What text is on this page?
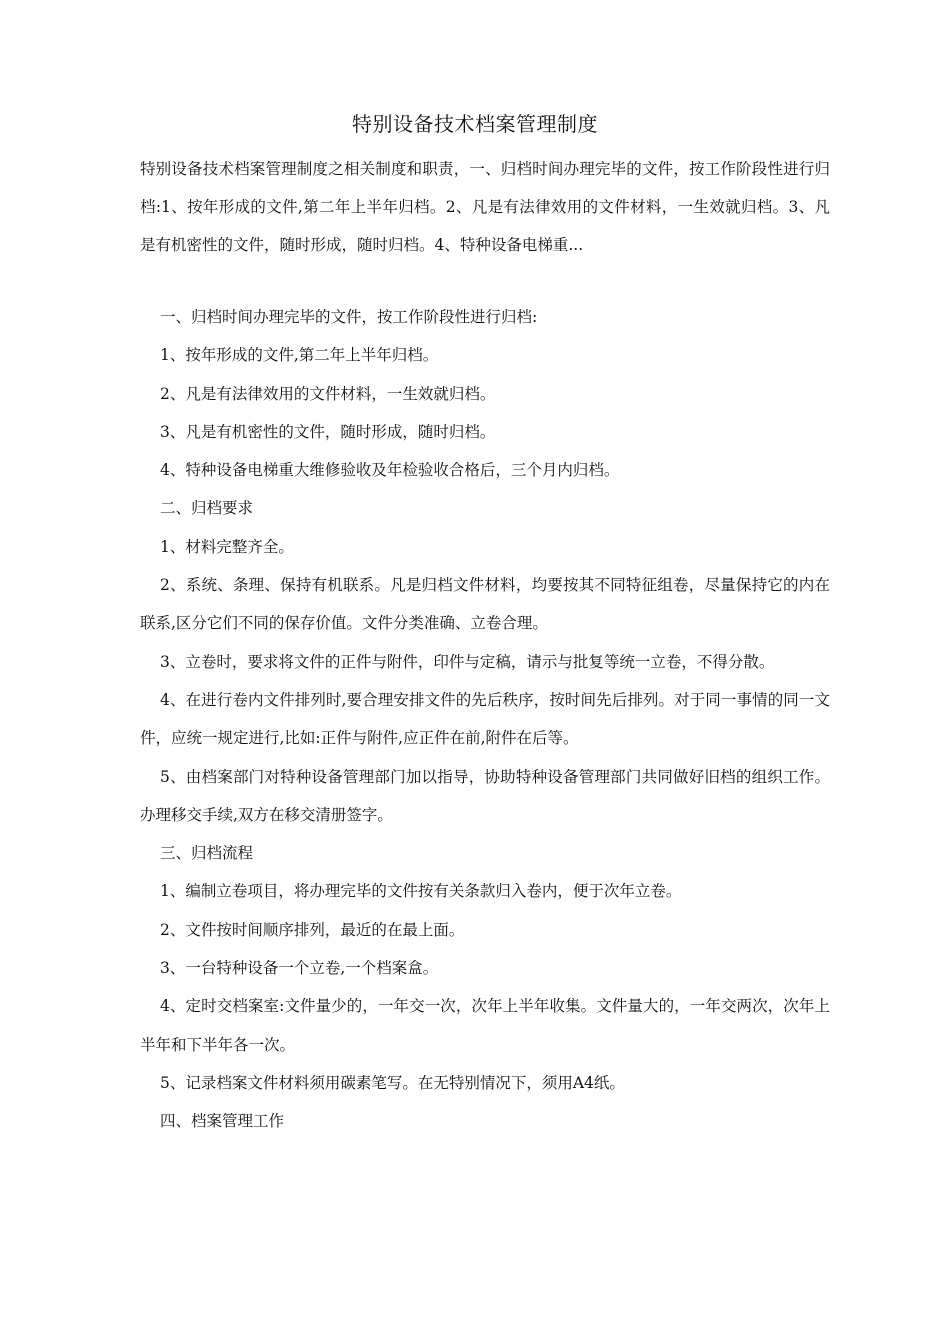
特别设备技术档案管理制度
特别设备技术档案管理制度之相关制度和职责，一、归档时间办理完毕的文件，按工作阶段性进行归档:1、按年形成的文件,第二年上半年归档。2、凡是有法律效用的文件材料，一生效就归档。3、凡是有机密性的文件，随时形成，随时归档。4、特种设备电梯重...

一、归档时间办理完毕的文件，按工作阶段性进行归档:

1、按年形成的文件,第二年上半年归档。

2、凡是有法律效用的文件材料，一生效就归档。

3、凡是有机密性的文件，随时形成，随时归档。

4、特种设备电梯重大维修验收及年检验收合格后，三个月内归档。

二、归档要求

1、材料完整齐全。

2、系统、条理、保持有机联系。凡是归档文件材料，均要按其不同特征组卷，尽量保持它的内在联系,区分它们不同的保存价值。文件分类准确、立卷合理。

3、立卷时，要求将文件的正件与附件，印件与定稿，请示与批复等统一立卷，不得分散。

4、在进行卷内文件排列时,要合理安排文件的先后秩序，按时间先后排列。对于同一事情的同一文件，应统一规定进行,比如:正件与附件,应正件在前,附件在后等。

5、由档案部门对特种设备管理部门加以指导，协助特种设备管理部门共同做好旧档的组织工作。办理移交手续,双方在移交清册签字。

三、归档流程

1、编制立卷项目，将办理完毕的文件按有关条款归入卷内，便于次年立卷。

2、文件按时间顺序排列，最近的在最上面。

3、一台特种设备一个立卷,一个档案盒。

4、定时交档案室:文件量少的，一年交一次，次年上半年收集。文件量大的，一年交两次，次年上半年和下半年各一次。

5、记录档案文件材料须用碳素笔写。在无特别情况下，须用A4纸。

四、档案管理工作
